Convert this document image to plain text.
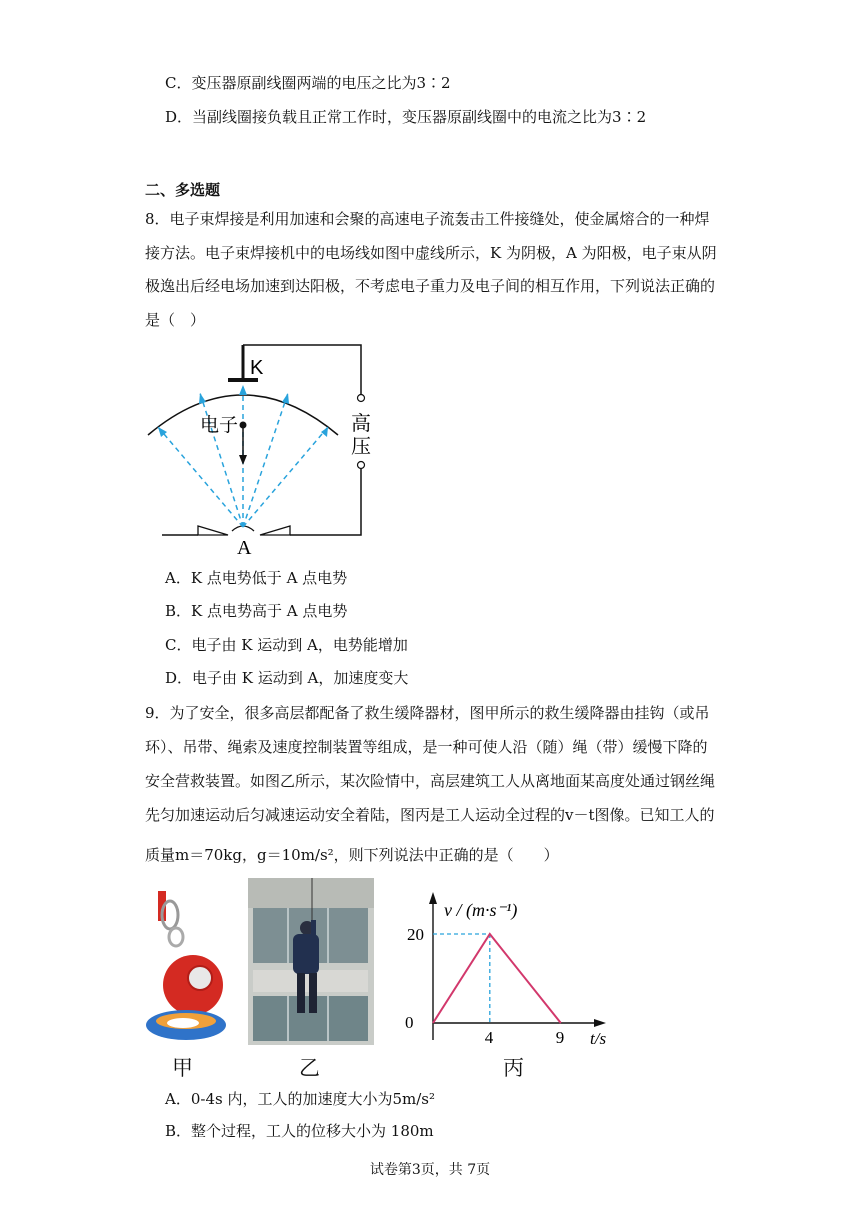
C．变压器原副线圈两端的电压之比为3∶2
D．当副线圈接负载且正常工作时，变压器原副线圈中的电流之比为3∶2
二、多选题
8．电子束焊接是利用加速和会聚的高速电子流轰击工件接缝处，使金属熔合的一种焊
接方法。电子束焊接机中的电场线如图中虚线所示，K 为阴极，A 为阳极，电子束从阴
极逸出后经电场加速到达阳极，不考虑电子重力及电子间的相互作用，下列说法正确的
是（　）
K
高
压
A
电子
A．K 点电势低于 A 点电势
B．K 点电势高于 A 点电势
C．电子由 K 运动到 A，电势能增加
D．电子由 K 运动到 A，加速度变大
9．为了安全，很多高层都配备了救生缓降器材，图甲所示的救生缓降器由挂钩（或吊
环）、吊带、绳索及速度控制装置等组成，是一种可使人沿（随）绳（带）缓慢下降的
安全营救装置。如图乙所示，某次险情中，高层建筑工人从离地面某高度处通过钢丝绳
先匀加速运动后匀减速运动安全着陆，图丙是工人运动全过程的v－t图像。已知工人的
质量m＝70kg，g＝10m/s²，则下列说法中正确的是（　　）
v / (m·s⁻¹)
t/s
0
20
4	9
甲	乙	丙
A．0-4s 内，工人的加速度大小为5m/s²
B．整个过程，工人的位移大小为 180m
试卷第3页，共 7页
